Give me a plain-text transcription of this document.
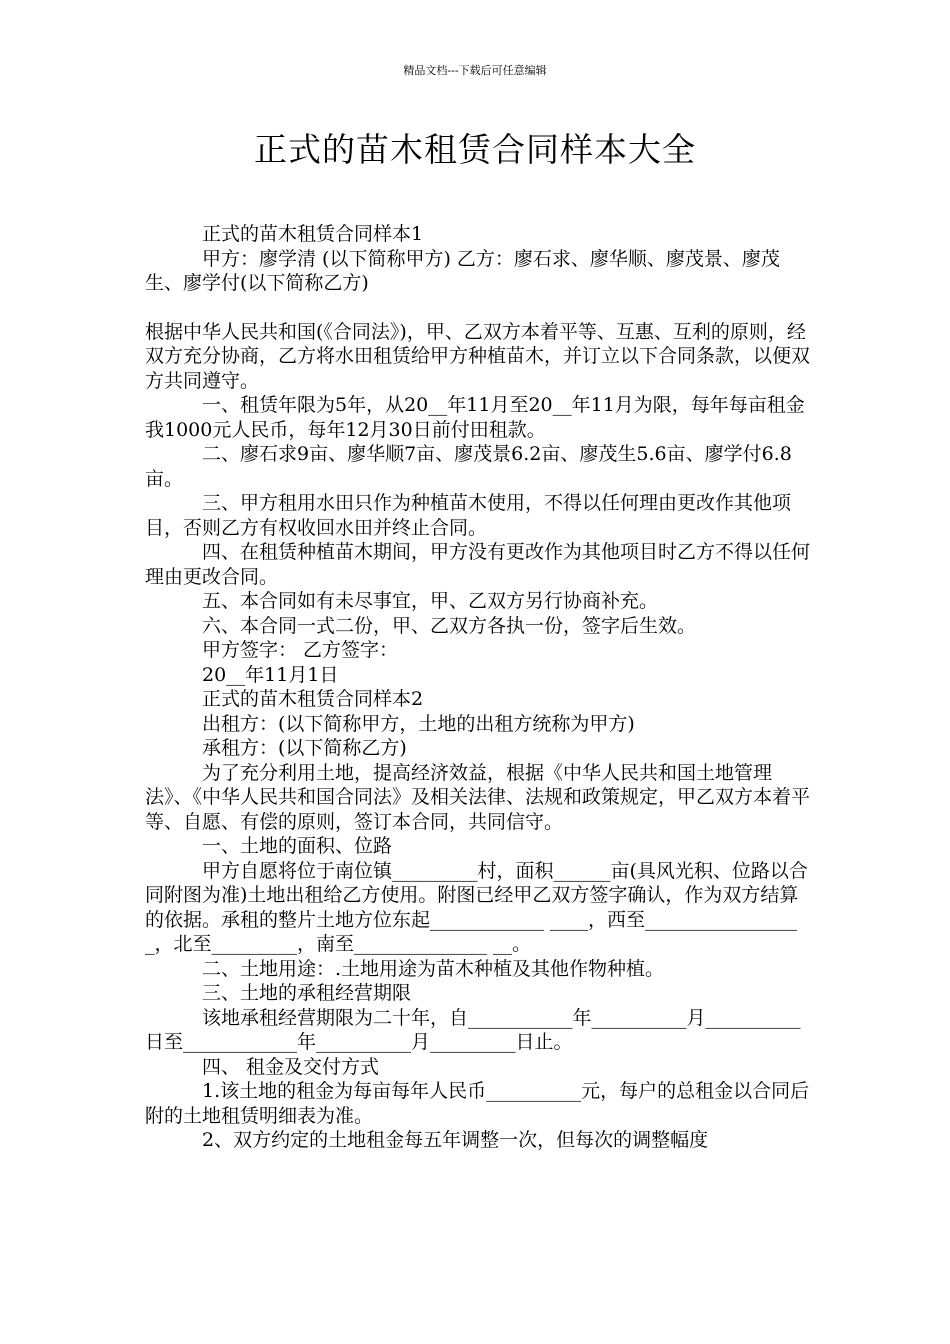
精品文档---下载后可任意编辑
正式的苗木租赁合同样本大全

正式的苗木租赁合同样本1

甲方：廖学清 (以下简称甲方) 乙方：廖石求、廖华顺、廖茂景、廖茂生、廖学付(以下简称乙方)

根据中华人民共和国(《合同法》)，甲、乙双方本着平等、互惠、互利的原则，经双方充分协商，乙方将水田租赁给甲方种植苗木，并订立以下合同条款，以便双方共同遵守。

一、租赁年限为5年，从20__年11月至20__年11月为限，每年每亩租金我1000元人民币，每年12月30日前付田租款。

二、廖石求9亩、廖华顺7亩、廖茂景6.2亩、廖茂生5.6亩、廖学付6.8亩。

三、甲方租用水田只作为种植苗木使用，不得以任何理由更改作其他项目，否则乙方有权收回水田并终止合同。

四、在租赁种植苗木期间，甲方没有更改作为其他项目时乙方不得以任何理由更改合同。

五、本合同如有未尽事宜，甲、乙双方另行协商补充。

六、本合同一式二份，甲、乙双方各执一份，签字后生效。

甲方签字： 乙方签字：

20__年11月1日

正式的苗木租赁合同样本2

出租方：(以下简称甲方，土地的出租方统称为甲方)

承租方：(以下简称乙方)

为了充分利用土地，提高经济效益，根据《中华人民共和国土地管理法》、《中华人民共和国合同法》及相关法律、法规和政策规定，甲乙双方本着平等、自愿、有偿的原则，签订本合同，共同信守。

一、土地的面积、位路

甲方自愿将位于南位镇_________村，面积______亩(具风光积、位路以合同附图为准)土地出租给乙方使用。附图已经甲乙双方签字确认，作为双方结算的依据。承租的整片土地方位东起____________ ____，西至_________________，北至_________，南至______________ __。

二、土地用途：.土地用途为苗木种植及其他作物种植。

三、土地的承租经营期限

该地承租经营期限为二十年，自___________年__________月__________日至____________年__________月_________日止。

四、 租金及交付方式

1.该土地的租金为每亩每年人民币__________元，每户的总租金以合同后附的土地租赁明细表为准。

2、双方约定的土地租金每五年调整一次，但每次的调整幅度
